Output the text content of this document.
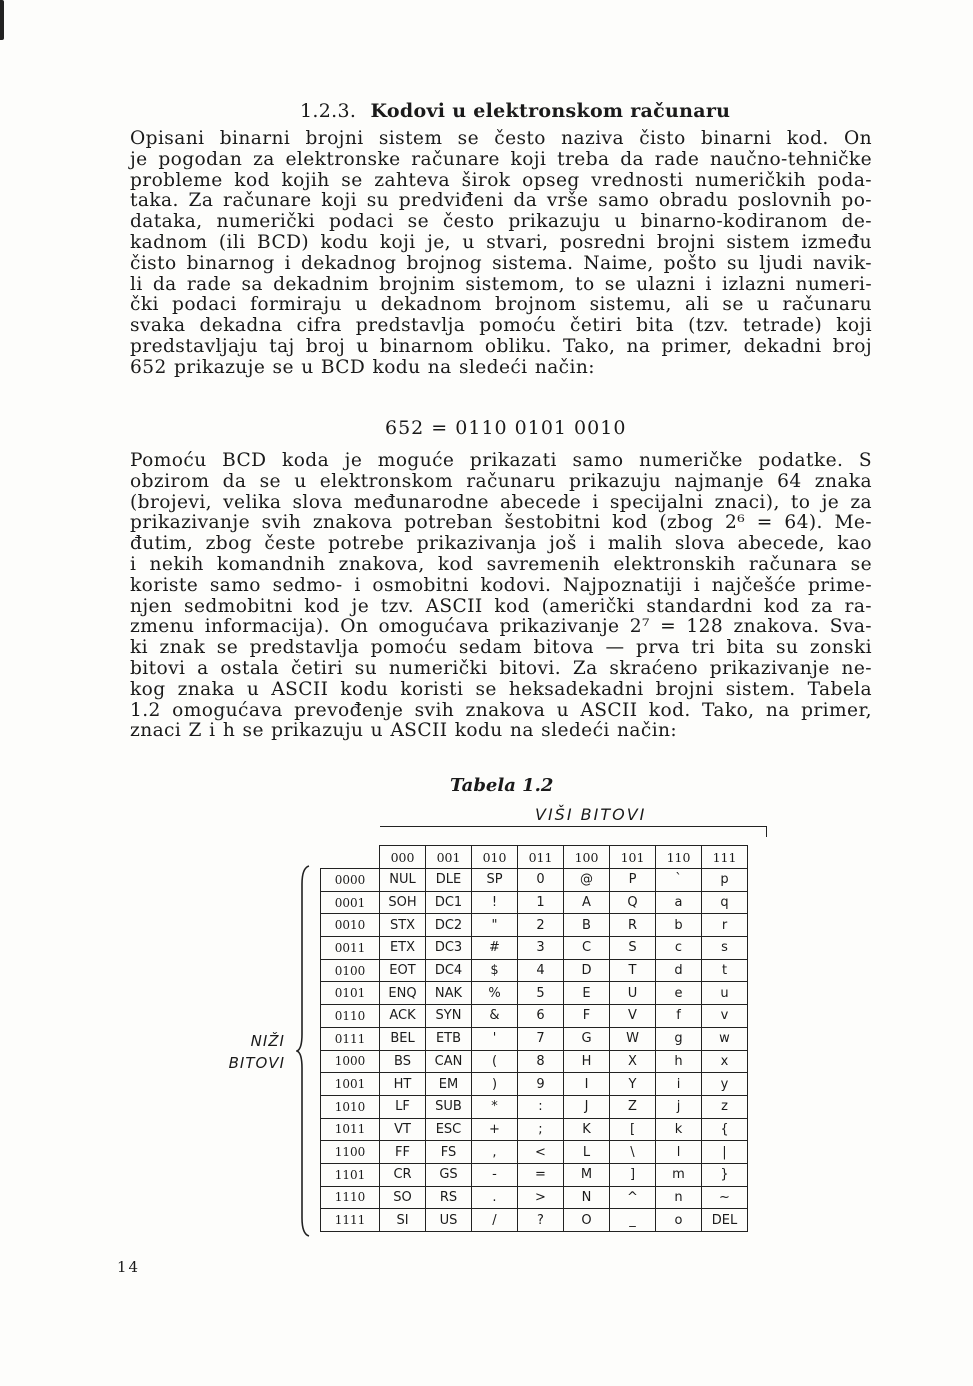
1.2.3. Kodovi u elektronskom računaru
Opisani binarni brojni sistem se često naziva čisto binarni kod. On
je pogodan za elektronske računare koji treba da rade naučno-tehničke
probleme kod kojih se zahteva širok opseg vrednosti numeričkih poda-
taka. Za računare koji su predviđeni da vrše samo obradu poslovnih po-
dataka, numerički podaci se često prikazuju u binarno-kodiranom de-
kadnom (ili BCD) kodu koji je, u stvari, posredni brojni sistem između
čisto binarnog i dekadnog brojnog sistema. Naime, pošto su ljudi navik-
li da rade sa dekadnim brojnim sistemom, to se ulazni i izlazni numeri-
čki podaci formiraju u dekadnom brojnom sistemu, ali se u računaru
svaka dekadna cifra predstavlja pomoću četiri bita (tzv. tetrade) koji
predstavljaju taj broj u binarnom obliku. Tako, na primer, dekadni broj
652 prikazuje se u BCD kodu na sledeći način:
652 = 0110 0101 0010
Pomoću BCD koda je moguće prikazati samo numeričke podatke. S
obzirom da se u elektronskom računaru prikazuju najmanje 64 znaka
(brojevi, velika slova međunarodne abecede i specijalni znaci), to je za
prikazivanje svih znakova potreban šestobitni kod (zbog 2⁶ = 64). Me-
đutim, zbog česte potrebe prikazivanja još i malih slova abecede, kao
i nekih komandnih znakova, kod savremenih elektronskih računara se
koriste samo sedmo- i osmobitni kodovi. Najpoznatiji i najčešće prime-
njen sedmobitni kod je tzv. ASCII kod (američki standardni kod za ra-
zmenu informacija). On omogućava prikazivanje 2⁷ = 128 znakova. Sva-
ki znak se predstavlja pomoću sedam bitova — prva tri bita su zonski
bitovi a ostala četiri su numerički bitovi. Za skraćeno prikazivanje ne-
kog znaka u ASCII kodu koristi se heksadekadni brojni sistem. Tabela
1.2 omogućava prevođenje svih znakova u ASCII kod. Tako, na primer,
znaci Z i h se prikazuju u ASCII kodu na sledeći način:
Tabela 1.2
VIŠI BITOVI
NIŽI
BITOVI
	000	001	010	011	100	101	110	111
0000	NUL	DLE	SP	0	@	P	`	p
0001	SOH	DC1	!	1	A	Q	a	q
0010	STX	DC2	"	2	B	R	b	r
0011	ETX	DC3	#	3	C	S	c	s
0100	EOT	DC4	$	4	D	T	d	t
0101	ENQ	NAK	%	5	E	U	e	u
0110	ACK	SYN	&	6	F	V	f	v
0111	BEL	ETB	'	7	G	W	g	w
1000	BS	CAN	(	8	H	X	h	x
1001	HT	EM	)	9	I	Y	i	y
1010	LF	SUB	*	:	J	Z	j	z
1011	VT	ESC	+	;	K	[	k	{
1100	FF	FS	,	<	L	\	l	|
1101	CR	GS	-	=	M	]	m	}
1110	SO	RS	.	>	N	^	n	~
1111	SI	US	/	?	O	_	o	DEL
14
